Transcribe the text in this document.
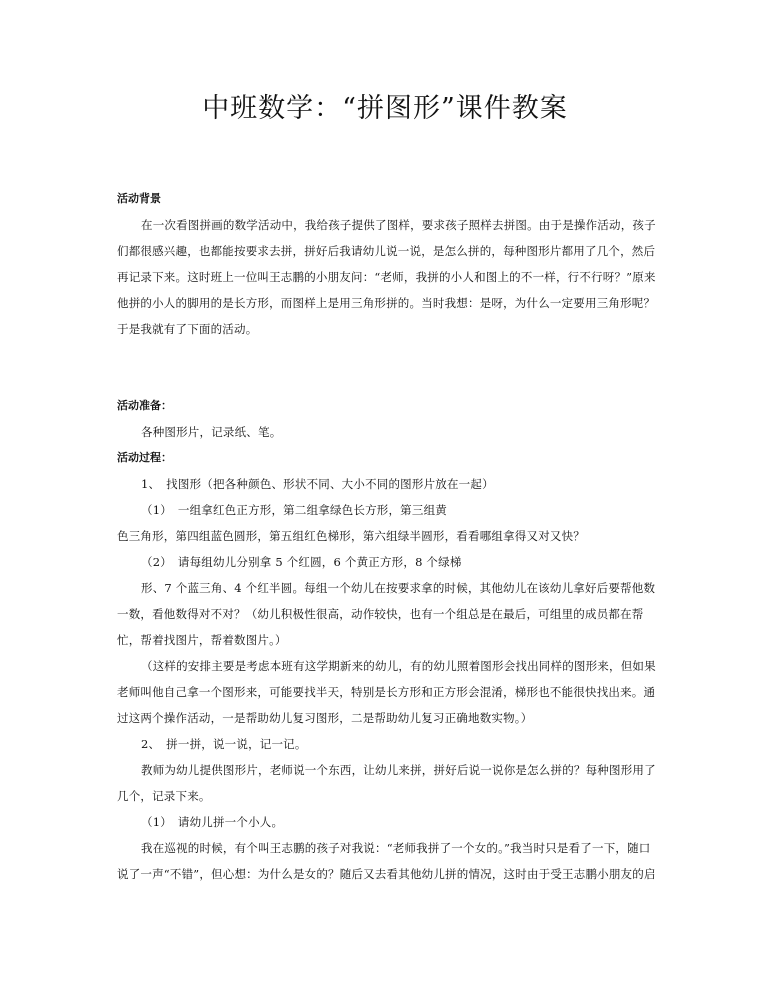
中班数学：“拼图形”课件教案

活动背景

在一次看图拼画的数学活动中，我给孩子提供了图样，要求孩子照样去拼图。由于是操作活动，孩子

们都很感兴趣，也都能按要求去拼，拼好后我请幼儿说一说，是怎么拼的，每种图形片都用了几个，然后

再记录下来。这时班上一位叫王志鹏的小朋友问：“老师，我拼的小人和图上的不一样，行不行呀？”原来

他拼的小人的脚用的是长方形，而图样上是用三角形拼的。当时我想：是呀，为什么一定要用三角形呢？

于是我就有了下面的活动。

活动准备：

各种图形片，记录纸、笔。

活动过程：

1、　找图形（把各种颜色、形状不同、大小不同的图形片放在一起）

（1）　一组拿红色正方形，第二组拿绿色长方形，第三组黄

色三角形，第四组蓝色圆形，第五组红色梯形，第六组绿半圆形，看看哪组拿得又对又快？

（2）　请每组幼儿分别拿 5 个红圆，6 个黄正方形，8 个绿梯

形、7 个蓝三角、4 个红半圆。每组一个幼儿在按要求拿的时候，其他幼儿在该幼儿拿好后要帮他数

一数，看他数得对不对？（幼儿积极性很高，动作较快，也有一个组总是在最后，可组里的成员都在帮

忙，帮着找图片，帮着数图片。）

（这样的安排主要是考虑本班有这学期新来的幼儿，有的幼儿照着图形会找出同样的图形来，但如果

老师叫他自己拿一个图形来，可能要找半天，特别是长方形和正方形会混淆，梯形也不能很快找出来。通

过这两个操作活动，一是帮助幼儿复习图形，二是帮助幼儿复习正确地数实物。）

2、　拼一拼，说一说，记一记。

教师为幼儿提供图形片，老师说一个东西，让幼儿来拼，拼好后说一说你是怎么拼的？每种图形用了

几个，记录下来。

（1）　请幼儿拼一个小人。

我在巡视的时候，有个叫王志鹏的孩子对我说：“老师我拼了一个女的。”我当时只是看了一下，随口

说了一声“不错”，但心想：为什么是女的？随后又去看其他幼儿拼的情况，这时由于受王志鹏小朋友的启
